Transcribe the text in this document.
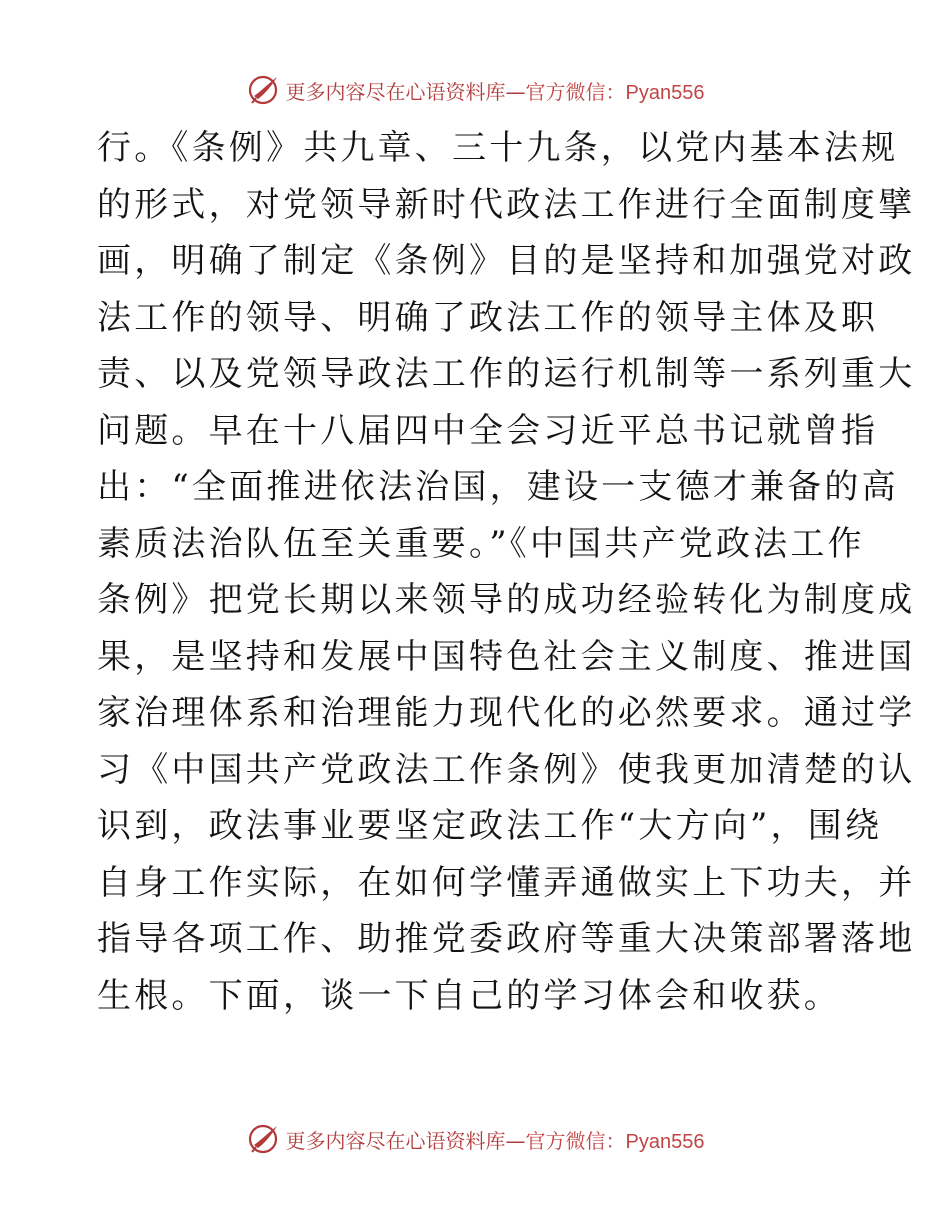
更多内容尽在心语资料库—官方微信：Pyan556
行。《条例》共九章、三十九条，以党内基本法规
的形式，对党领导新时代政法工作进行全面制度擘
画，明确了制定《条例》目的是坚持和加强党对政
法工作的领导、明确了政法工作的领导主体及职
责、以及党领导政法工作的运行机制等一系列重大
问题。早在十八届四中全会习近平总书记就曾指
出：“全面推进依法治国，建设一支德才兼备的高
素质法治队伍至关重要。”《中国共产党政法工作
条例》把党长期以来领导的成功经验转化为制度成
果，是坚持和发展中国特色社会主义制度、推进国
家治理体系和治理能力现代化的必然要求。通过学
习《中国共产党政法工作条例》使我更加清楚的认
识到，政法事业要坚定政法工作“大方向”，围绕
自身工作实际，在如何学懂弄通做实上下功夫，并
指导各项工作、助推党委政府等重大决策部署落地
生根。下面，谈一下自己的学习体会和收获。
更多内容尽在心语资料库—官方微信：Pyan556
